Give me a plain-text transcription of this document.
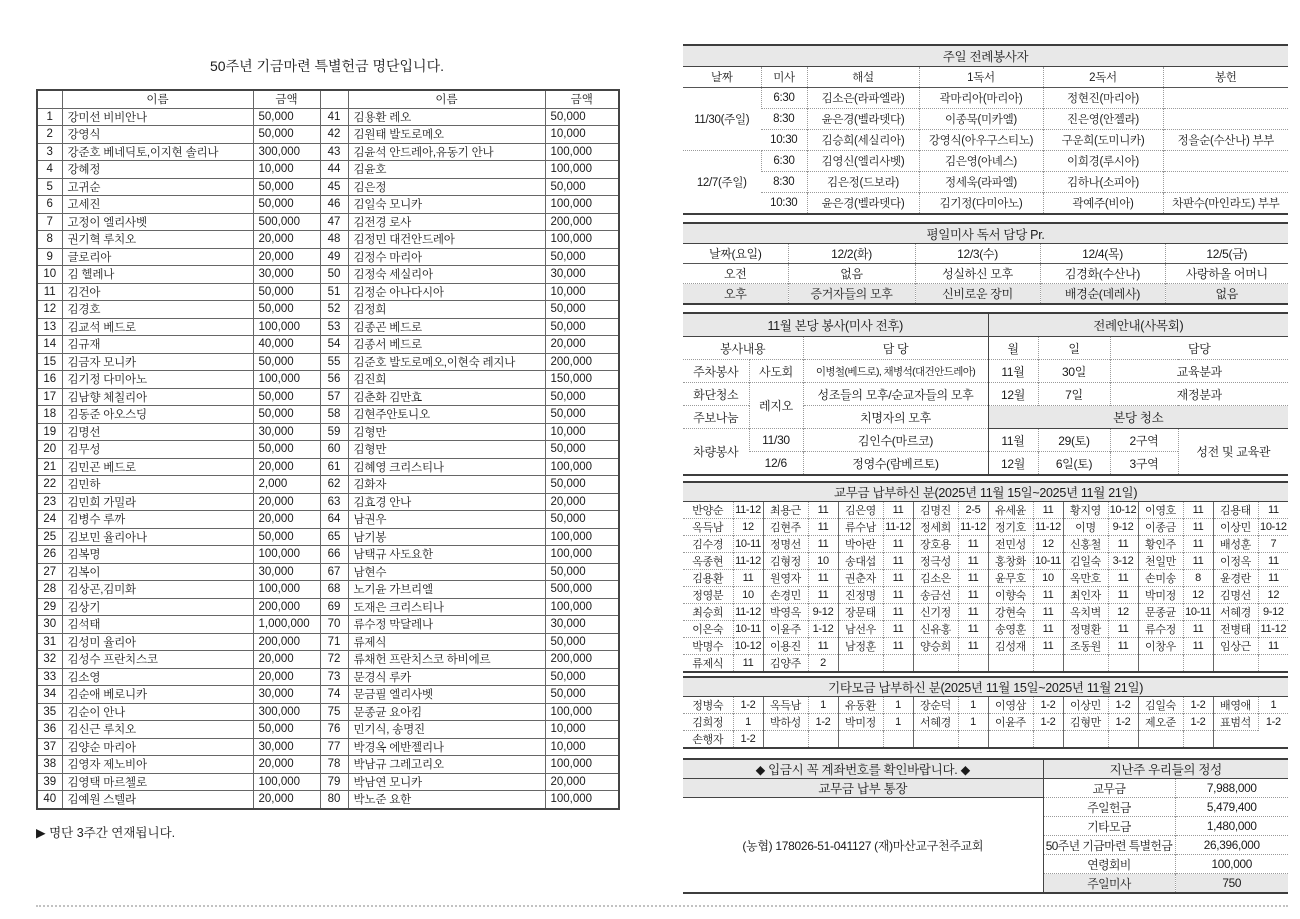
50주년 기금마련 특별헌금 명단입니다.
	이름	금액		이름	금액
1	강미선 비비안나	50,000	41	김용환 레오	50,000
2	강영식	50,000	42	김원태 발도로메오	10,000
3	강준호 베네딕토,이지현 솔리나	300,000	43	김윤석 안드레아,유동기 안나	100,000
4	강혜정	10,000	44	김윤호	100,000
5	고귀순	50,000	45	김은정	50,000
6	고세진	50,000	46	김일숙 모니카	100,000
7	고정이 엘리사벳	500,000	47	김전경 로사	200,000
8	권기혁 루치오	20,000	48	김정민 대건안드레아	100,000
9	글로리아	20,000	49	김정수 마리아	50,000
10	김 헬레나	30,000	50	김정숙 세실리아	30,000
11	김건아	50,000	51	김정순 아나다시아	10,000
12	김경호	50,000	52	김정희	50,000
13	김교석 베드로	100,000	53	김종곤 베드로	50,000
14	김규재	40,000	54	김종서 베드로	20,000
15	김금자 모니카	50,000	55	김준호 발도로메오,이현숙 레지나	200,000
16	김기정 다미아노	100,000	56	김진희	150,000
17	김남향 체칠리아	50,000	57	김춘화 김만효	50,000
18	김동준 아오스딩	50,000	58	김현주안토니오	50,000
19	김명선	30,000	59	김형만	10,000
20	김무성	50,000	60	김형만	50,000
21	김민곤 베드로	20,000	61	김혜영 크리스티나	100,000
22	김민하	2,000	62	김화자	50,000
23	김민희 가밀라	20,000	63	김효경 안나	20,000
24	김병수 루까	20,000	64	남권우	50,000
25	김보민 율리아나	50,000	65	남기봉	100,000
26	김복명	100,000	66	남택규 사도요한	100,000
27	김복이	30,000	67	남현수	50,000
28	김상곤,김미화	100,000	68	노기윤 가브리엘	500,000
29	김상기	200,000	69	도재은 크리스티나	100,000
30	김석태	1,000,000	70	류수정 막달레나	30,000
31	김성미 율리아	200,000	71	류제식	50,000
32	김성수 프란치스코	20,000	72	류채헌 프란치스코 하비에르	200,000
33	김소영	20,000	73	문경식 루카	50,000
34	김순애 베로니카	30,000	74	문금필 엘리사벳	50,000
35	김순이 안나	300,000	75	문종균 요아킴	100,000
36	김신근 루치오	50,000	76	민기식, 송명진	10,000
37	김양순 마리아	30,000	77	박경옥 에반젤리나	10,000
38	김영자 제노비아	20,000	78	박남규 그레고리오	100,000
39	김영택 마르첼로	100,000	79	박남연 모니카	20,000
40	김예원 스텔라	20,000	80	박노준 요한	100,000
▶ 명단 3주간 연재됩니다.
주일 전례봉사자					
날짜	미사	해설	1독서	2독서	봉헌
11/30(주일)	6:30	김소은(라파엘라)	곽마리아(마리아)	정현진(마리아)	
	8:30	윤은경(벨라뎃다)	이종묵(미카엘)	진은영(안젤라)	
	10:30	김승희(세실리아)	강영식(아우구스티노)	구운희(도미니카)	정을순(수산나) 부부
12/7(주일)	6:30	김영신(엘리사벳)	김은영(아녜스)	이희경(루시아)	
	8:30	김은정(드보라)	정세욱(라파엘)	김하나(소피아)	
	10:30	윤은경(벨라뎃다)	김기정(다미아노)	곽예주(비아)	차판수(마인라도) 부부
평일미사 독서 담당 Pr.				
날짜(요일)	12/2(화)	12/3(수)	12/4(목)	12/5(금)
오전	없음	성실하신 모후	김경화(수산나)	사랑하올 어머니
오후	증거자들의 모후	신비로운 장미	배경순(데레사)	없음
11월 본당 봉사(미사 전후)			전례안내(사목회)			
봉사내용		담 당	월	일	담당	
주차봉사	사도회	이병철(베드로), 채병석(대건안드레아)	11월	30일	교육분과	
화단청소	레지오	성조들의 모후/순교자들의 모후	12월	7일	재정분과	
주보나눔		치명자의 모후	본당 청소			
차량봉사	11/30	김인수(마르코)	11월	29(토)	2구역	성전 및 교육관
	12/6	정영수(람베르토)	12월	6일(토)	3구역	
교무금 납부하신 분(2025년 11월 15일~2025년 11월 21일)															
반양순	11-12	최용근	11	김은영	11	김명진	2-5	유세윤	11	황지영	10-12	이영호	11	김용태	11
옥득남	12	김현주	11	류수남	11-12	정세희	11-12	정기호	11-12	이명	9-12	이종금	11	이상민	10-12
김수경	10-11	정명선	11	박아란	11	장호용	11	전민성	12	신홍철	11	황인주	11	배성훈	7
옥종현	11-12	김형정	10	송대섭	11	정극성	11	홍창화	10-11	김일숙	3-12	천일만	11	이정옥	11
김용환	11	원영자	11	권춘자	11	김소은	11	윤무호	10	옥만호	11	손미송	8	윤경란	11
정영분	10	손경민	11	진정명	11	송금선	11	이향숙	11	최인자	11	박미정	12	김명선	12
최승희	11-12	박영옥	9-12	장문태	11	신기정	11	강현숙	11	옥치벽	12	문종균	10-11	서혜경	9-12
이은숙	10-11	이윤주	1-12	남선우	11	신유홍	11	송영훈	11	정명환	11	류수정	11	전병태	11-12
박명수	10-12	이용진	11	남정훈	11	양승희	11	김성재	11	조동원	11	이창우	11	임상근	11
류제식	11	김양주	2												
기타모금 납부하신 분(2025년 11월 15일~2025년 11월 21일)															
정병숙	1-2	옥득남	1	유동환	1	장순덕	1	이영삼	1-2	이상민	1-2	김일숙	1-2	배영애	1
김희정	1	박하성	1-2	박미정	1	서혜경	1	이윤주	1-2	김형만	1-2	제오준	1-2	표범석	1-2
손행자	1-2														
◆ 입금시 꼭 계좌번호를 확인바랍니다. ◆	지난주 우리들의 정성	
교무금 납부 통장	교무금	7,988,000
(농협) 178026-51-041127 (재)마산교구천주교회	주일헌금	5,479,400
	기타모금	1,480,000
	50주년 기금마련 특별헌금	26,396,000
	연령회비	100,000
	주일미사	750
